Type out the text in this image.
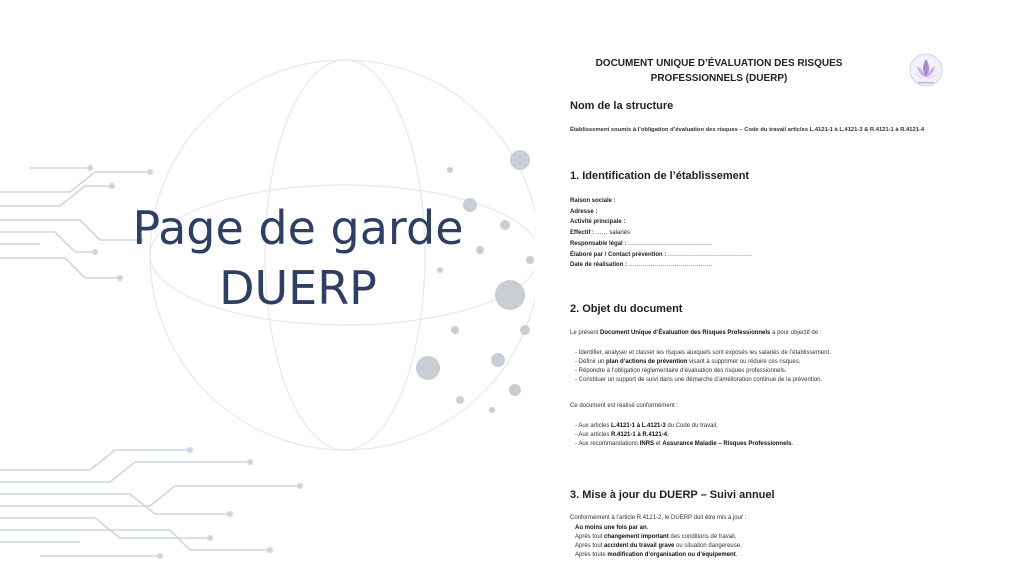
Page de garde
DUERP
DOCUMENT UNIQUE D’ÉVALUATION DES RISQUES
PROFESSIONNELS (DUERP)
Nom de la structure
Établissement soumis à l’obligation d’évaluation des risques – Code du travail articles L.4121-1 à L.4121-3 & R.4121-1 à R.4121-4
1. Identification de l’établissement
Raison sociale :
Adresse :
Activité principale :
Effectif : …… salariés
Responsable légal : ……………………………………
Élaboré par / Contact prévention : ……………………………………
Date de réalisation : ……………………………………
2. Objet du document
Le présent Document Unique d’Évaluation des Risques Professionnels a pour objectif de :
- Identifier, analyser et classer les risques auxquels sont exposés les salariés de l’établissement.
- Définir un plan d’actions de prévention visant à supprimer ou réduire ces risques.
- Répondre à l’obligation réglementaire d’évaluation des risques professionnels.
- Constituer un support de suivi dans une démarche d’amélioration continue de la prévention.
Ce document est réalisé conformément :
- Aux articles L.4121-1 à L.4121-3 du Code du travail,
- Aux articles R.4121-1 à R.4121-4,
- Aux recommandations INRS et Assurance Maladie – Risques Professionnels.
3. Mise à jour du DUERP – Suivi annuel
Conformément à l’article R.4121-2, le DUERP doit être mis à jour :
Au moins une fois par an,
Après tout changement important des conditions de travail,
Après tout accident du travail grave ou situation dangereuse,
Après toute modification d’organisation ou d’équipement.
